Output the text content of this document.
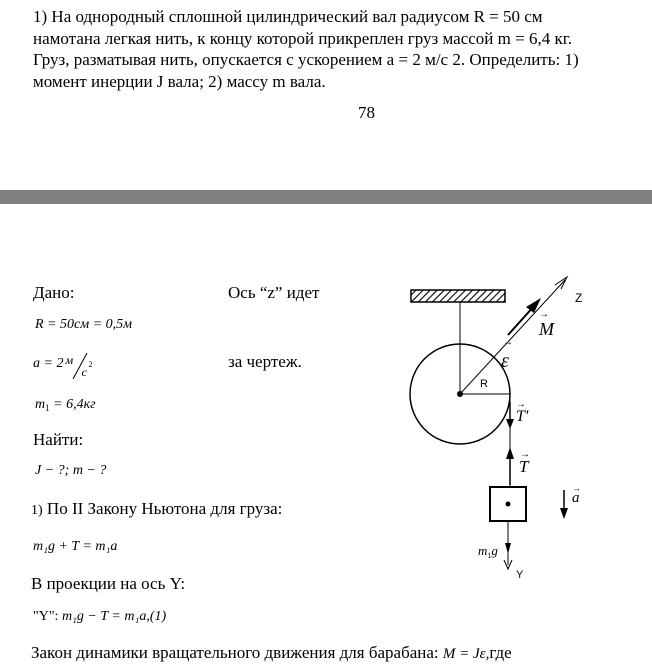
1) На однородный сплошной цилиндрический вал радиусом R = 50 см
намотана легкая нить, к концу которой прикреплен груз массой m = 6,4 кг.
Груз, разматывая нить, опускается с ускорением a = 2 м/с 2. Определить: 1)
момент инерции J вала; 2) массу m вала.
78
Дано:	Ось “z” идет
R = 50см = 0,5м
a = 2 м
c
2	за чертеж.
$m_1 = 6,4кг$
Найти:
J − ?; m − ?
1) По II Закону Ньютона для груза:
m₁g + T = m₁a
В проекции на ось Y:
"Y": m₁g − T = m₁a,(1)
Закон динамики вращательного движения для барабана: M = Jε,где
Z
M
→
ε
→
R
T'
→
T
→
a
→
$m_1g$
Y
